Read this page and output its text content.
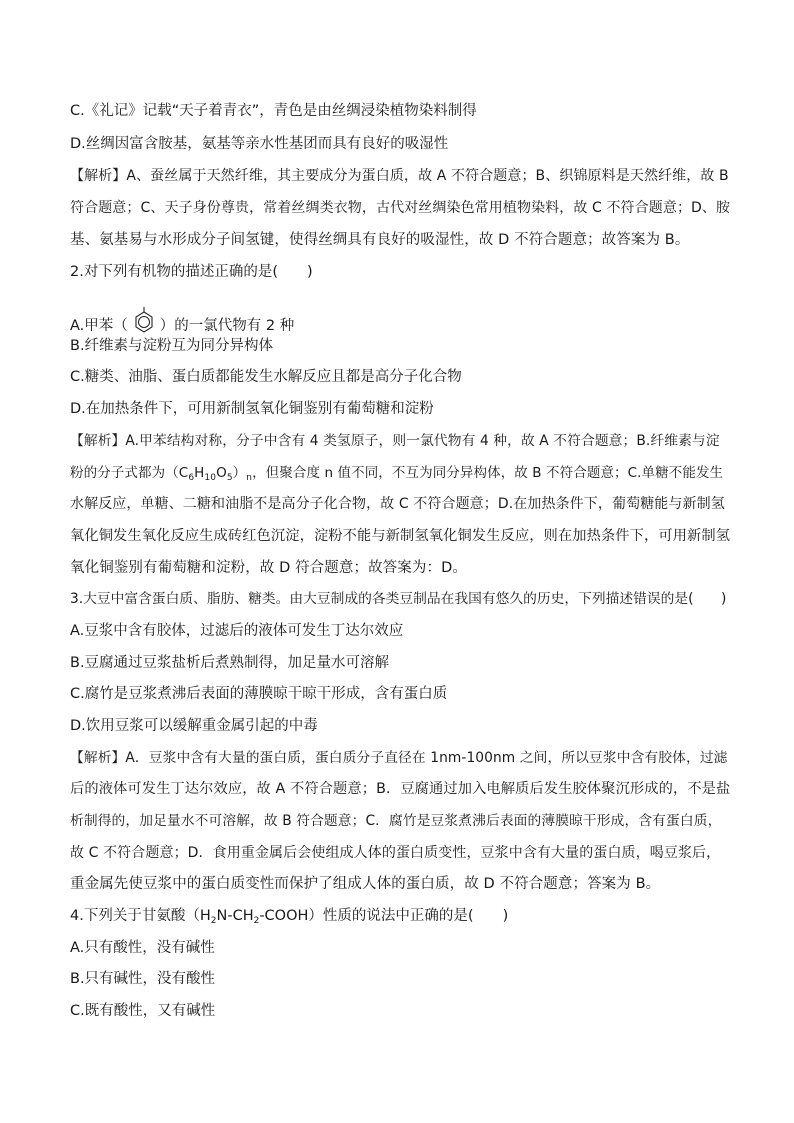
C.《礼记》记载“天子着青衣”，青色是由丝绸浸染植物染料制得
D.丝绸因富含胺基，氨基等亲水性基团而具有良好的吸湿性
【解析】A、蚕丝属于天然纤维，其主要成分为蛋白质，故 A 不符合题意；B、织锦原料是天然纤维，故 B
符合题意；C、天子身份尊贵，常着丝绸类衣物，古代对丝绸染色常用植物染料，故 C 不符合题意；D、胺
基、氨基易与水形成分子间氢键，使得丝绸具有良好的吸湿性，故 D 不符合题意；故答案为 B。
2.对下列有机物的描述正确的是(　　)
A.甲苯（ ）的一氯代物有 2 种
B.纤维素与淀粉互为同分异构体
C.糖类、油脂、蛋白质都能发生水解反应且都是高分子化合物
D.在加热条件下，可用新制氢氧化铜鉴别有葡萄糖和淀粉
【解析】A.甲苯结构对称，分子中含有 4 类氢原子，则一氯代物有 4 种，故 A 不符合题意；B.纤维素与淀
粉的分子式都为$(C_6H_{10}O_5)_n$，但聚合度 n 值不同，不互为同分异构体，故 B 不符合题意；C.单糖不能发生
水解反应，单糖、二糖和油脂不是高分子化合物，故 C 不符合题意；D.在加热条件下，葡萄糖能与新制氢
氧化铜发生氧化反应生成砖红色沉淀，淀粉不能与新制氢氧化铜发生反应，则在加热条件下，可用新制氢
氧化铜鉴别有葡萄糖和淀粉，故 D 符合题意；故答案为：D。
3.大豆中富含蛋白质、脂肪、糖类。由大豆制成的各类豆制品在我国有悠久的历史，下列描述错误的是(　　)
A.豆浆中含有胶体，过滤后的液体可发生丁达尔效应
B.豆腐通过豆浆盐析后煮熟制得，加足量水可溶解
C.腐竹是豆浆煮沸后表面的薄膜晾干晾干形成，含有蛋白质
D.饮用豆浆可以缓解重金属引起的中毒
【解析】A．豆浆中含有大量的蛋白质，蛋白质分子直径在 1nm-100nm 之间，所以豆浆中含有胶体，过滤
后的液体可发生丁达尔效应，故 A 不符合题意；B．豆腐通过加入电解质后发生胶体聚沉形成的，不是盐
析制得的，加足量水不可溶解，故 B 符合题意；C．腐竹是豆浆煮沸后表面的薄膜晾干形成，含有蛋白质，
故 C 不符合题意；D．食用重金属后会使组成人体的蛋白质变性，豆浆中含有大量的蛋白质，喝豆浆后，
重金属先使豆浆中的蛋白质变性而保护了组成人体的蛋白质，故 D 不符合题意；答案为 B。
4.下列关于甘氨酸$(H_2N-CH_2-COOH)$性质的说法中正确的是(　　)
A.只有酸性，没有碱性
B.只有碱性，没有酸性
C.既有酸性，又有碱性
